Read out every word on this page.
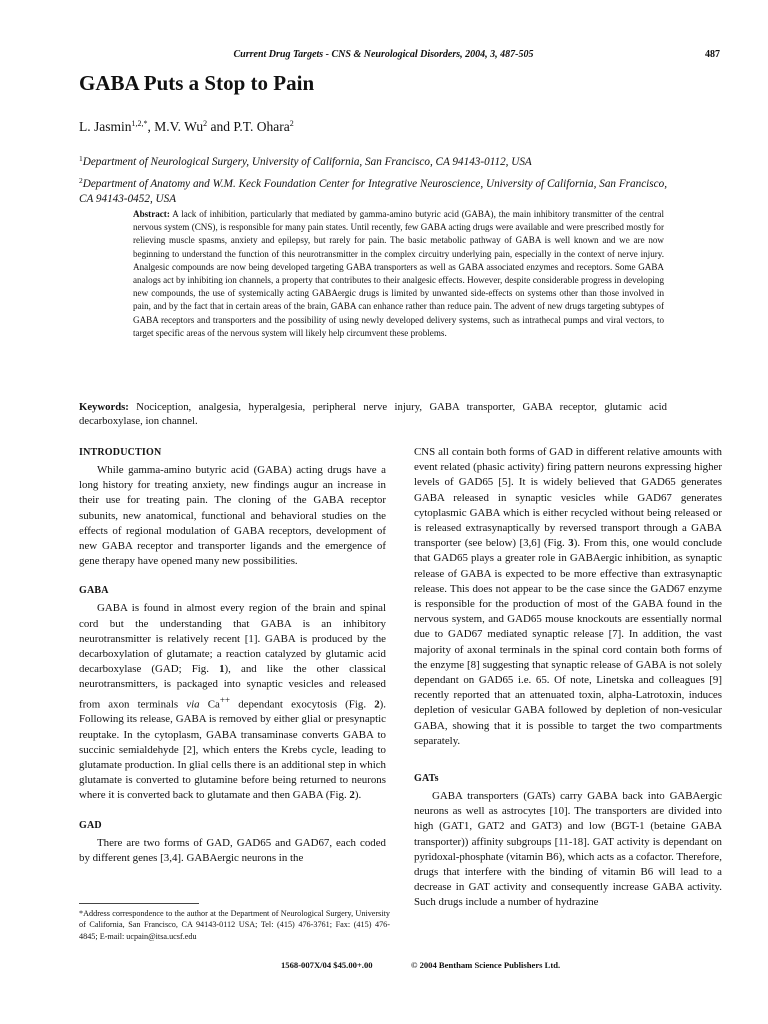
Current Drug Targets - CNS & Neurological Disorders, 2004, 3, 487-505	487
GABA Puts a Stop to Pain
L. Jasmin$^{1,2,*}$, M.V. Wu$^2$ and P.T. Ohara$^2$
$^1$Department of Neurological Surgery, University of California, San Francisco, CA 94143-0112, USA
$^2$Department of Anatomy and W.M. Keck Foundation Center for Integrative Neuroscience, University of California, San Francisco, CA 94143-0452, USA
Abstract: A lack of inhibition, particularly that mediated by gamma-amino butyric acid (GABA), the main inhibitory transmitter of the central nervous system (CNS), is responsible for many pain states. Until recently, few GABA acting drugs were available and were prescribed mostly for relieving muscle spasms, anxiety and epilepsy, but rarely for pain. The basic metabolic pathway of GABA is well known and we are now beginning to understand the function of this neurotransmitter in the complex circuitry underlying pain, especially in the context of nerve injury. Analgesic compounds are now being developed targeting GABA transporters as well as GABA associated enzymes and receptors. Some GABA analogs act by inhibiting ion channels, a property that contributes to their analgesic effects. However, despite considerable progress in developing new compounds, the use of systemically acting GABAergic drugs is limited by unwanted side-effects on systems other than those involved in pain, and by the fact that in certain areas of the brain, GABA can enhance rather than reduce pain. The advent of new drugs targeting subtypes of GABA receptors and transporters and the possibility of using newly developed delivery systems, such as intrathecal pumps and viral vectors, to target specific areas of the nervous system will likely help circumvent these problems.
Keywords: Nociception, analgesia, hyperalgesia, peripheral nerve injury, GABA transporter, GABA receptor, glutamic acid decarboxylase, ion channel.
INTRODUCTION

While gamma-amino butyric acid (GABA) acting drugs have a long history for treating anxiety, new findings augur an increase in their use for treating pain. The cloning of the GABA receptor subunits, new anatomical, functional and behavioral studies on the effects of regional modulation of GABA receptors, development of new GABA receptor and transporter ligands and the emergence of gene therapy have opened many new possibilities.

GABA

GABA is found in almost every region of the brain and spinal cord but the understanding that GABA is an inhibitory neurotransmitter is relatively recent [1]. GABA is produced by the decarboxylation of glutamate; a reaction catalyzed by glutamic acid decarboxylase (GAD; Fig. 1), and like the other classical neurotransmitters, is packaged into synaptic vesicles and released from axon terminals via Ca++ dependant exocytosis (Fig. 2). Following its release, GABA is removed by either glial or presynaptic reuptake. In the cytoplasm, GABA transaminase converts GABA to succinic semialdehyde [2], which enters the Krebs cycle, leading to glutamate production. In glial cells there is an additional step in which glutamate is converted to glutamine before being returned to neurons where it is converted back to glutamate and then GABA (Fig. 2).

GAD

There are two forms of GAD, GAD65 and GAD67, each coded by different genes [3,4]. GABAergic neurons in the

CNS all contain both forms of GAD in different relative amounts with event related (phasic activity) firing pattern neurons expressing higher levels of GAD65 [5]. It is widely believed that GAD65 generates GABA released in synaptic vesicles while GAD67 generates cytoplasmic GABA which is either recycled without being released or is released extrasynaptically by reversed transport through a GABA transporter (see below) [3,6] (Fig. 3). From this, one would conclude that GAD65 plays a greater role in GABAergic inhibition, as synaptic release of GABA is expected to be more effective than extrasynaptic release. This does not appear to be the case since the GAD67 enzyme is responsible for the production of most of the GABA found in the nervous system, and GAD65 mouse knockouts are essentially normal due to GAD67 mediated synaptic release [7]. In addition, the vast majority of axonal terminals in the spinal cord contain both forms of the enzyme [8] suggesting that synaptic release of GABA is not solely dependant on GAD65 i.e. 65. Of note, Linetska and colleagues [9] recently reported that an attenuated toxin, alpha-Latrotoxin, induces depletion of vesicular GABA followed by depletion of non-vesicular GABA, showing that it is possible to target the two compartments separately.

GATs

GABA transporters (GATs) carry GABA back into GABAergic neurons as well as astrocytes [10]. The transporters are divided into high (GAT1, GAT2 and GAT3) and low (BGT-1 (betaine GABA transporter)) affinity subgroups [11-18]. GAT activity is dependant on pyridoxal-phosphate (vitamin B6), which acts as a cofactor. Therefore, drugs that interfere with the binding of vitamin B6 will lead to a decrease in GAT activity and consequently increase GABA activity. Such drugs include a number of hydrazine

*Address correspondence to the author at the Department of Neurological Surgery, University of California, San Francisco, CA 94143-0112 USA; Tel: (415) 476-3761; Fax: (415) 476-4845; E-mail: ucpain@itsa.ucsf.edu
1568-007X/04 $45.00+.00	© 2004 Bentham Science Publishers Ltd.
